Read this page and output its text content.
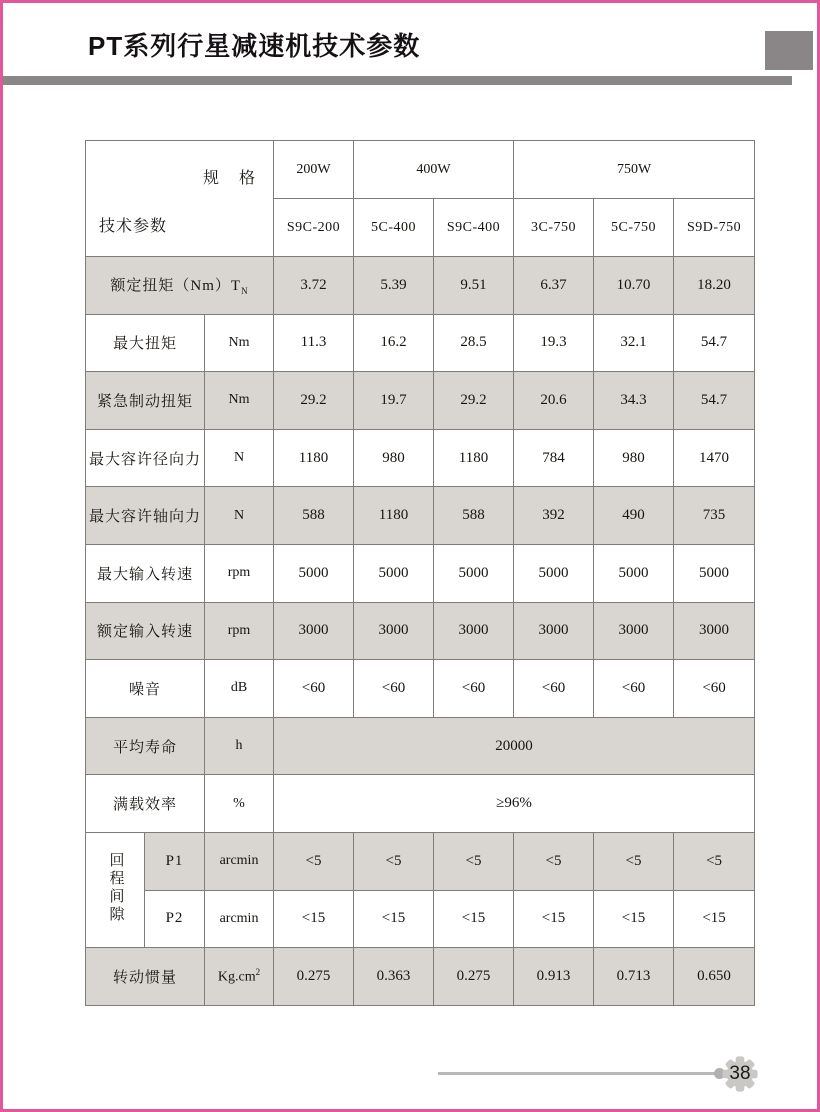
PT系列行星减速机技术参数
规　格
技术参数			200W	400W		750W		
			S9C-200	5C-400	S9C-400	3C-750	5C-750	S9D-750
额定扭矩$(Nm)T_N$			3.72	5.39	9.51	6.37	10.70	18.20
最大扭矩		Nm	11.3	16.2	28.5	19.3	32.1	54.7
紧急制动扭矩		Nm	29.2	19.7	29.2	20.6	34.3	54.7
最大容许径向力		N	1180	980	1180	784	980	1470
最大容许轴向力		N	588	1180	588	392	490	735
最大输入转速		rpm	5000	5000	5000	5000	5000	5000
额定输入转速		rpm	3000	3000	3000	3000	3000	3000
噪音		dB	<60	<60	<60	<60	<60	<60
平均寿命		h	20000					
满载效率		%	≥96%					
回程间隙	P1	arcmin	<5	<5	<5	<5	<5	<5
	P2	arcmin	<15	<15	<15	<15	<15	<15
转动惯量		$Kg.cm^2$	0.275	0.363	0.275	0.913	0.713	0.650
38
